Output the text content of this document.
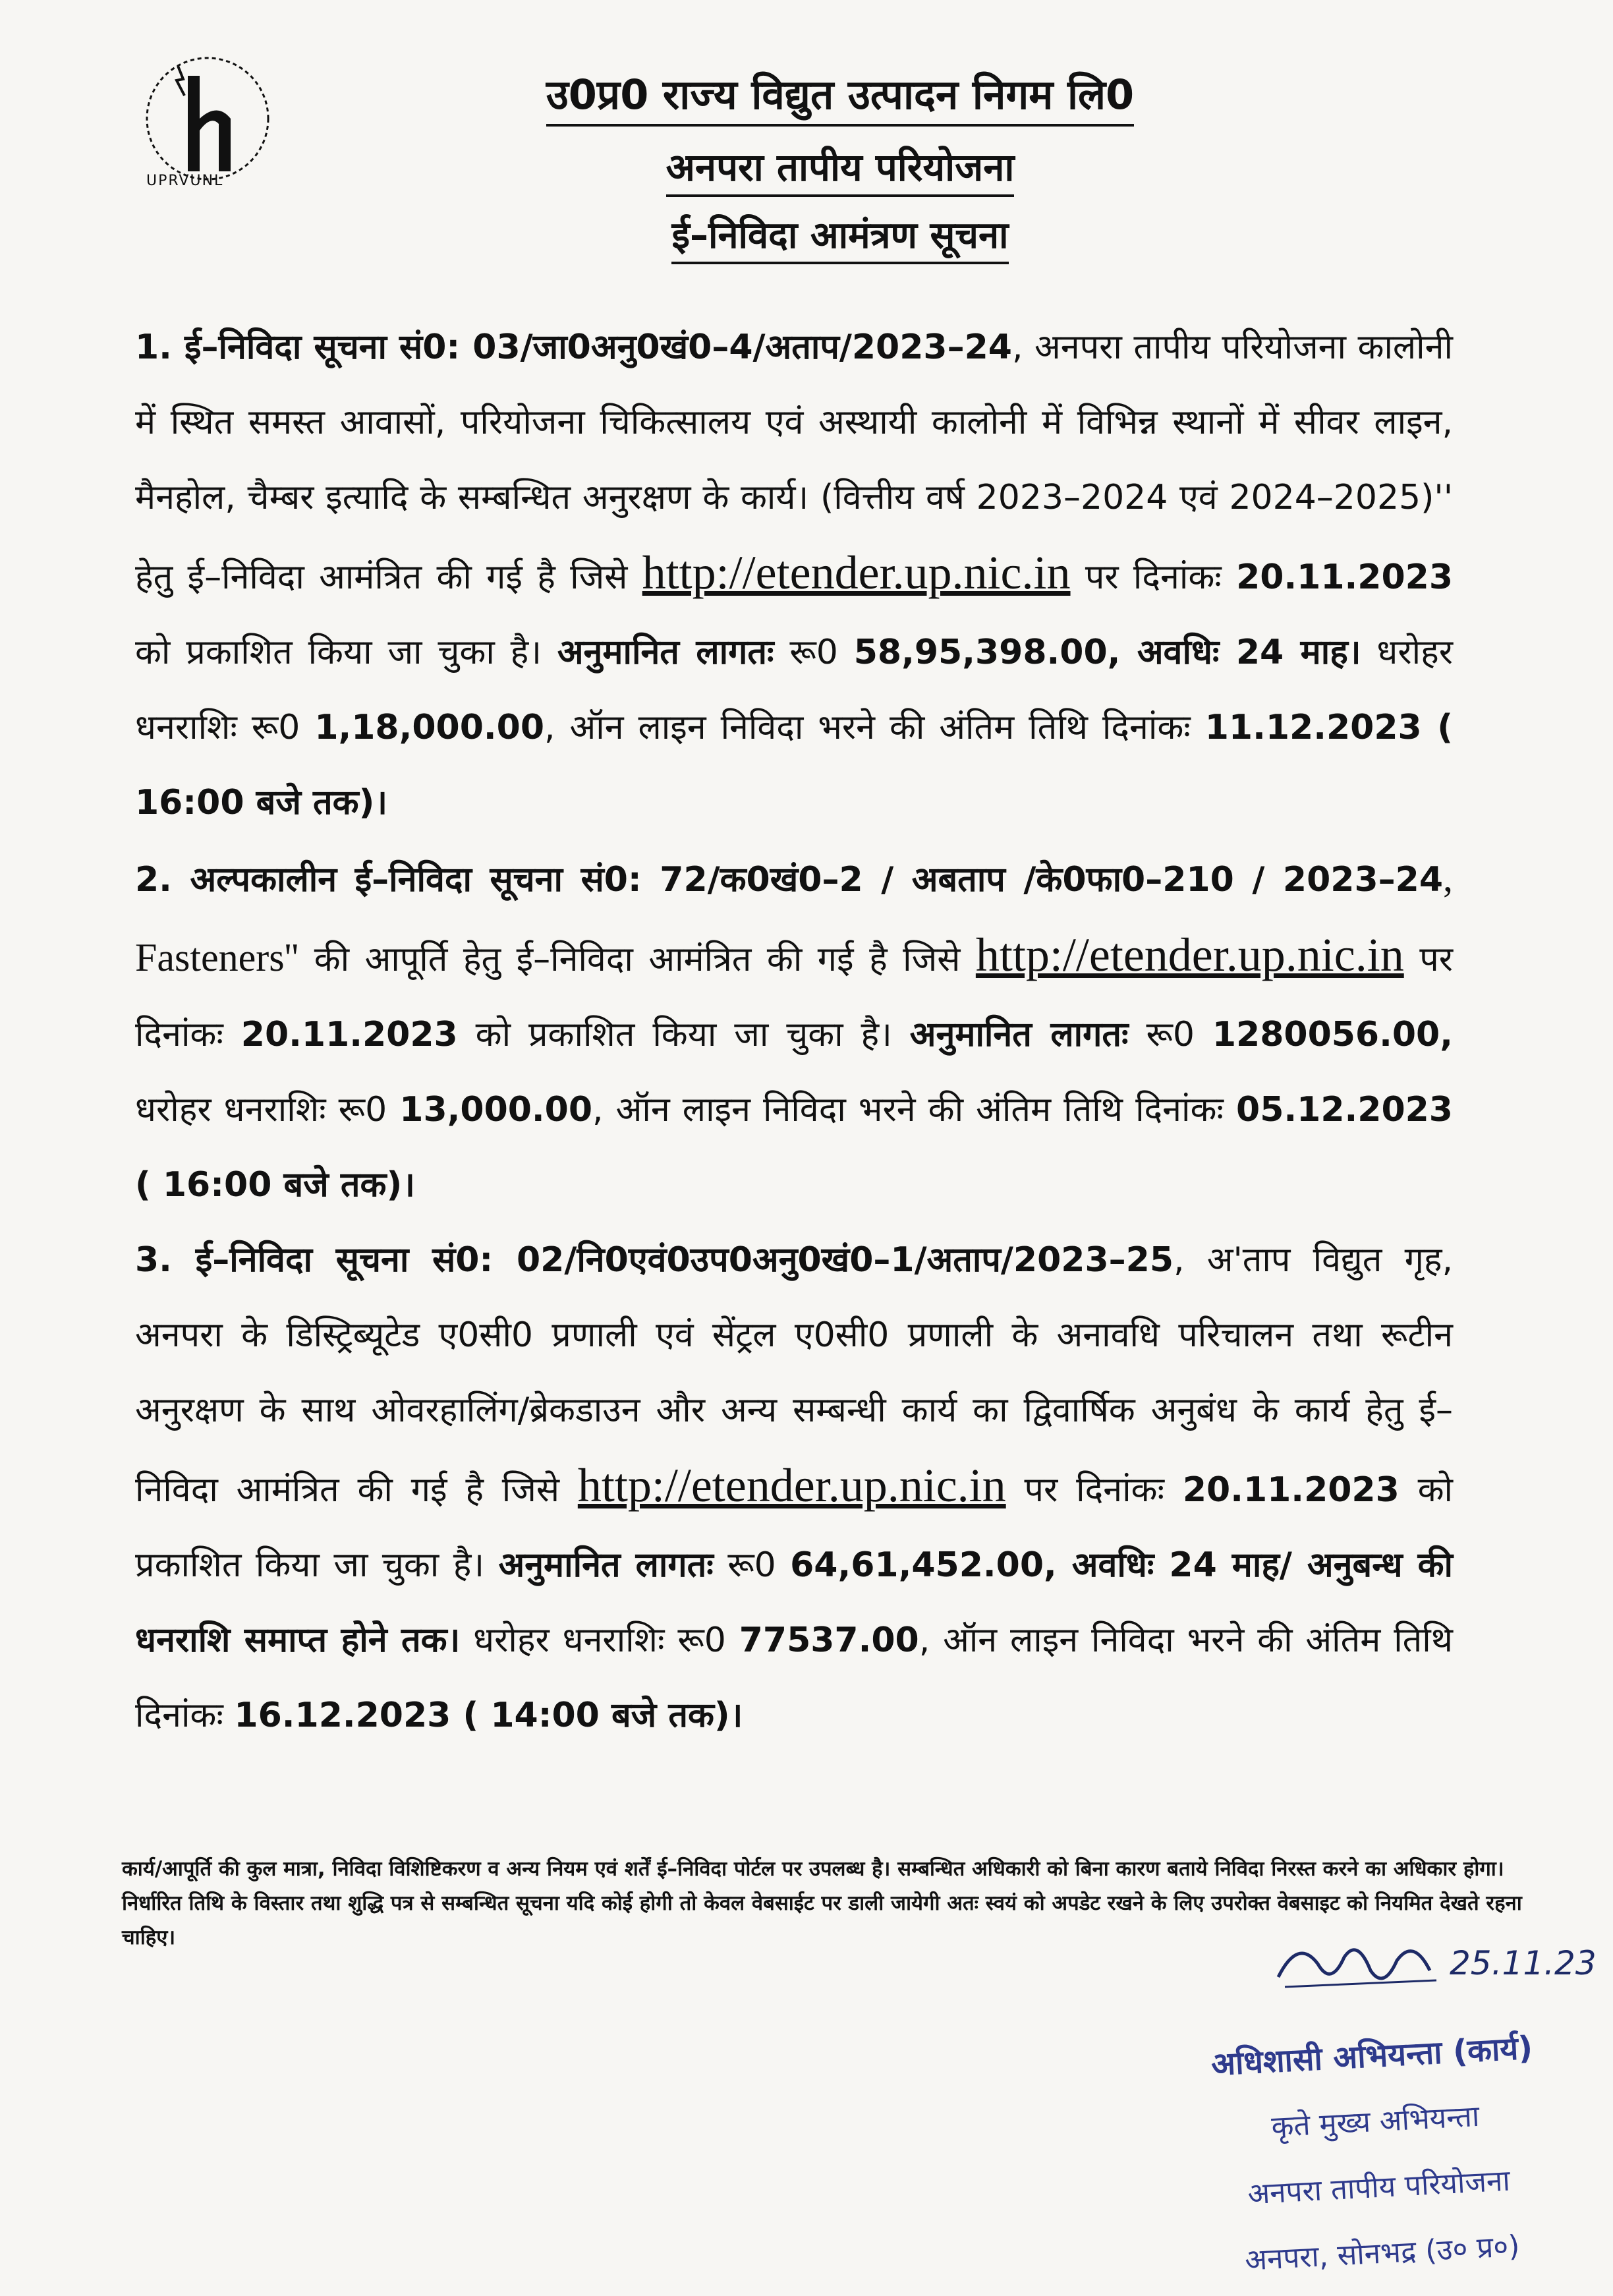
UPRVUNL
उ0प्र0 राज्य विद्युत उत्पादन निगम लि0
अनपरा तापीय परियोजना
ई–निविदा आमंत्रण सूचना

1. ई–निविदा सूचना सं0: 03/जा0अनु0खं0–4/अताप/2023–24, अनपरा तापीय परियोजना कालोनी में स्थित समस्त आवासों, परियोजना चिकित्सालय एवं अस्थायी कालोनी में विभिन्न स्थानों में सीवर लाइन, मैनहोल, चैम्बर इत्यादि के सम्बन्धित अनुरक्षण के कार्य। (वित्तीय वर्ष 2023–2024 एवं 2024–2025)'' हेतु ई–निविदा आमंत्रित की गई है जिसे http://etender.up.nic.in पर दिनांकः 20.11.2023 को प्रकाशित किया जा चुका है। अनुमानित लागतः रू0 58,95,398.00, अवधिः 24 माह। धरोहर धनराशिः रू0 1,18,000.00, ऑन लाइन निविदा भरने की अंतिम तिथि दिनांकः 11.12.2023 ( 16:00 बजे तक)।

2. अल्पकालीन ई–निविदा सूचना सं0: 72/क0खं0–2 / अबताप /के0फा0–210 / 2023–24, Fasteners'' की आपूर्ति हेतु ई–निविदा आमंत्रित की गई है जिसे http://etender.up.nic.in पर दिनांकः 20.11.2023 को प्रकाशित किया जा चुका है। अनुमानित लागतः रू0 1280056.00, धरोहर धनराशिः रू0 13,000.00, ऑन लाइन निविदा भरने की अंतिम तिथि दिनांकः 05.12.2023 ( 16:00 बजे तक)।

3. ई–निविदा सूचना सं0: 02/नि0एवं0उप0अनु0खं0–1/अताप/2023–25, अ'ताप विद्युत गृह, अनपरा के डिस्ट्रिब्यूटेड ए0सी0 प्रणाली एवं सेंट्रल ए0सी0 प्रणाली के अनावधि परिचालन तथा रूटीन अनुरक्षण के साथ ओवरहालिंग/ब्रेकडाउन और अन्य सम्बन्धी कार्य का द्विवार्षिक अनुबंध के कार्य हेतु ई–निविदा आमंत्रित की गई है जिसे http://etender.up.nic.in पर दिनांकः 20.11.2023 को प्रकाशित किया जा चुका है। अनुमानित लागतः रू0 64,61,452.00, अवधिः 24 माह/ अनुबन्ध की धनराशि समाप्त होने तक। धरोहर धनराशिः रू0 77537.00, ऑन लाइन निविदा भरने की अंतिम तिथि दिनांकः 16.12.2023 ( 14:00 बजे तक)।

कार्य/आपूर्ति की कुल मात्रा, निविदा विशिष्टिकरण व अन्य नियम एवं शर्तें ई–निविदा पोर्टल पर उपलब्ध है। सम्बन्धित अधिकारी को बिना कारण बताये निविदा निरस्त करने का अधिकार होगा।

निर्धारित तिथि के विस्तार तथा शुद्धि पत्र से सम्बन्धित सूचना यदि कोई होगी तो केवल वेबसाईट पर डाली जायेगी अतः स्वयं को अपडेट रखने के लिए उपरोक्त वेबसाइट को नियमित देखते रहना चाहिए।

25.11.23
अधिशासी अभियन्ता (कार्य)
कृते मुख्य अभियन्ता
अनपरा तापीय परियोजना
अनपरा, सोनभद्र (उ० प्र०)
